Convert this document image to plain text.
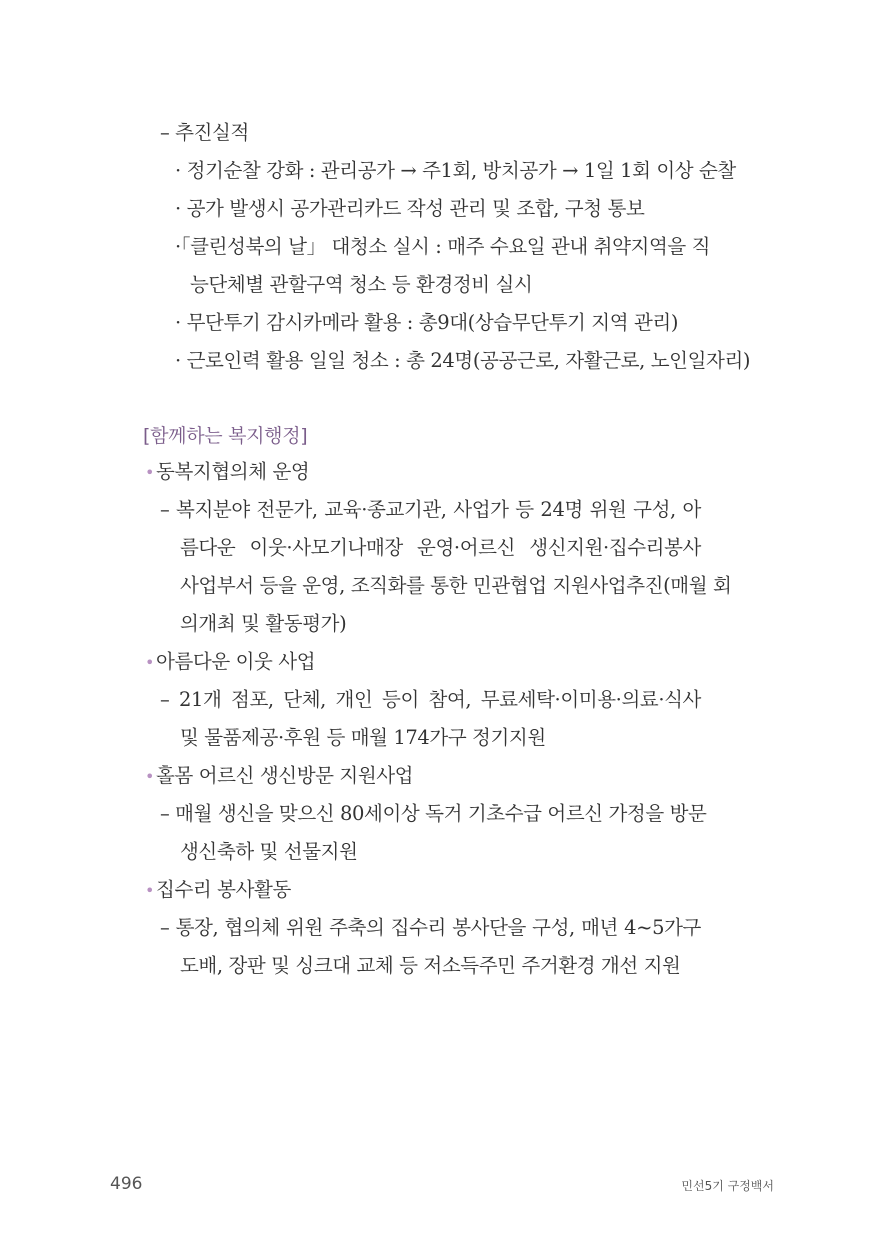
– 추진실적
· 정기순찰 강화 : 관리공가 → 주1회, 방치공가 → 1일 1회 이상 순찰
· 공가 발생시 공가관리카드 작성 관리 및 조합, 구청 통보
·「클린성북의 날」 대청소 실시 : 매주 수요일 관내 취약지역을 직
능단체별 관할구역 청소 등 환경정비 실시
· 무단투기 감시카메라 활용 : 총9대(상습무단투기 지역 관리)
· 근로인력 활용 일일 청소 : 총 24명(공공근로, 자활근로, 노인일자리)
[함께하는 복지행정]
• 동복지협의체 운영
– 복지분야 전문가, 교육·종교기관, 사업가 등 24명 위원 구성, 아
름다운 이웃·사모기나매장 운영·어르신 생신지원·집수리봉사
사업부서 등을 운영, 조직화를 통한 민관협업 지원사업추진(매월 회
의개최 및 활동평가)
• 아름다운 이웃 사업
– 21개 점포, 단체, 개인 등이 참여, 무료세탁·이미용·의료·식사
및 물품제공·후원 등 매월 174가구 정기지원
• 홀몸 어르신 생신방문 지원사업
– 매월 생신을 맞으신 80세이상 독거 기초수급 어르신 가정을 방문
생신축하 및 선물지원
• 집수리 봉사활동
– 통장, 협의체 위원 주축의 집수리 봉사단을 구성, 매년 4~5가구
도배, 장판 및 싱크대 교체 등 저소득주민 주거환경 개선 지원
496	민선5기 구정백서
